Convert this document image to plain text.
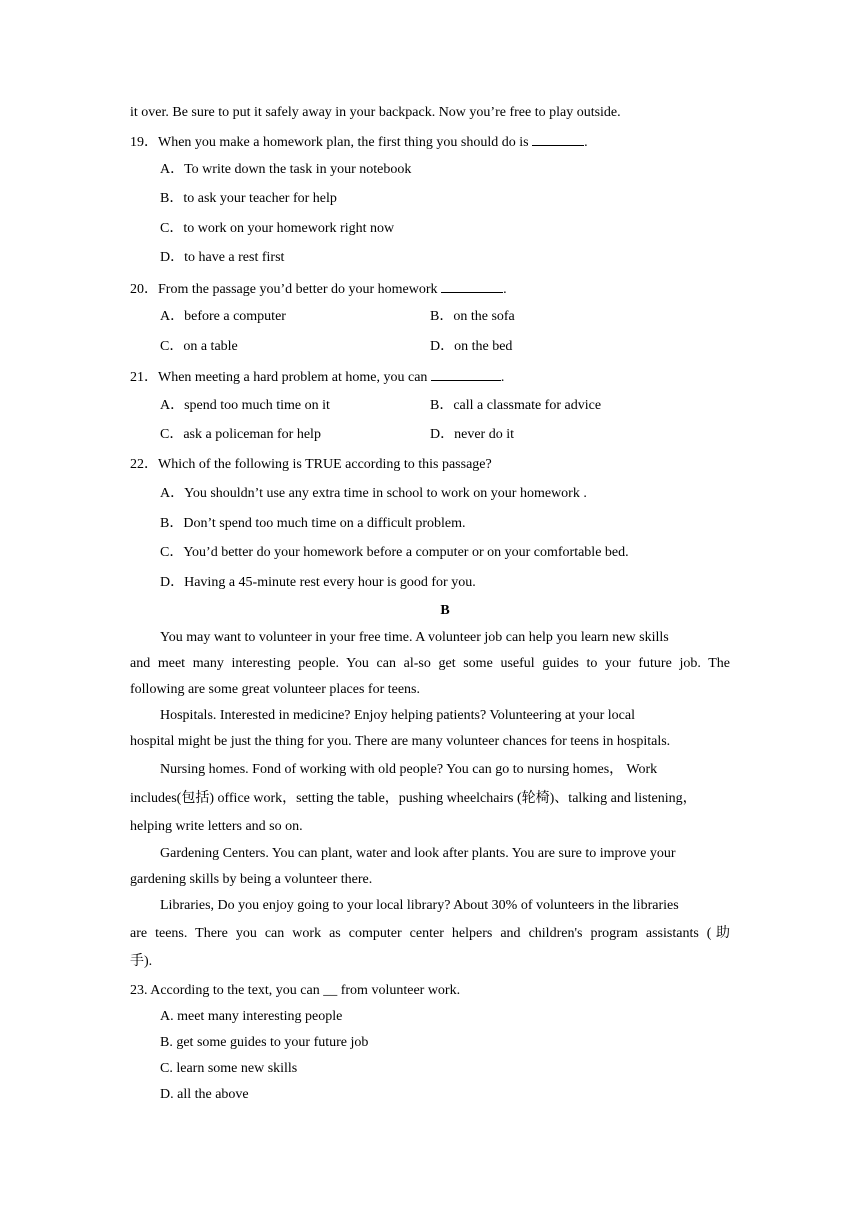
it over. Be sure to put it safely away in your backpack. Now you’re free to play outside.
19．When you make a homework plan, the first thing you should do is	.
A．To write down the task in your notebook
B．to ask your teacher for help
C．to work on your homework right now
D．to have a rest first
20．From the passage you’d better do your homework	.
A．before a computer	B．on the sofa
C．on a table	D．on the bed
21．When meeting a hard problem at home, you can	.
A．spend too much time on it	B．call a classmate for advice
C．ask a policeman for help	D．never do it
22．Which of the following is TRUE according to this passage?
A．You shouldn’t use any extra time in school to work on your homework .
B．Don’t spend too much time on a difficult problem.
C．You’d better do your homework before a computer or on your comfortable bed.
D．Having a 45-minute rest every hour is good for you.
B
You may want to volunteer in your free time. A volunteer job can help you learn new skills
and meet many interesting people. You can al-so get some useful guides to your future job. The
following are some great volunteer places for teens.
Hospitals. Interested in medicine? Enjoy helping patients? Volunteering at your local
hospital might be just the thing for you. There are many volunteer chances for teens in hospitals.
Nursing homes. Fond of working with old people? You can go to nursing homes， Work
includes(包括) office work，setting the table，pushing wheelchairs (轮椅)、talking and listening，
helping write letters and so on.
Gardening Centers. You can plant, water and look after plants. You are sure to improve your
gardening skills by being a volunteer there.
Libraries, Do you enjoy going to your local library? About 30% of volunteers in the libraries
are teens. There you can work as computer center helpers and children's program assistants (助
手).
23. According to the text, you can __ from volunteer work.
A. meet many interesting people
B. get some guides to your future job
C. learn some new skills
D. all the above
